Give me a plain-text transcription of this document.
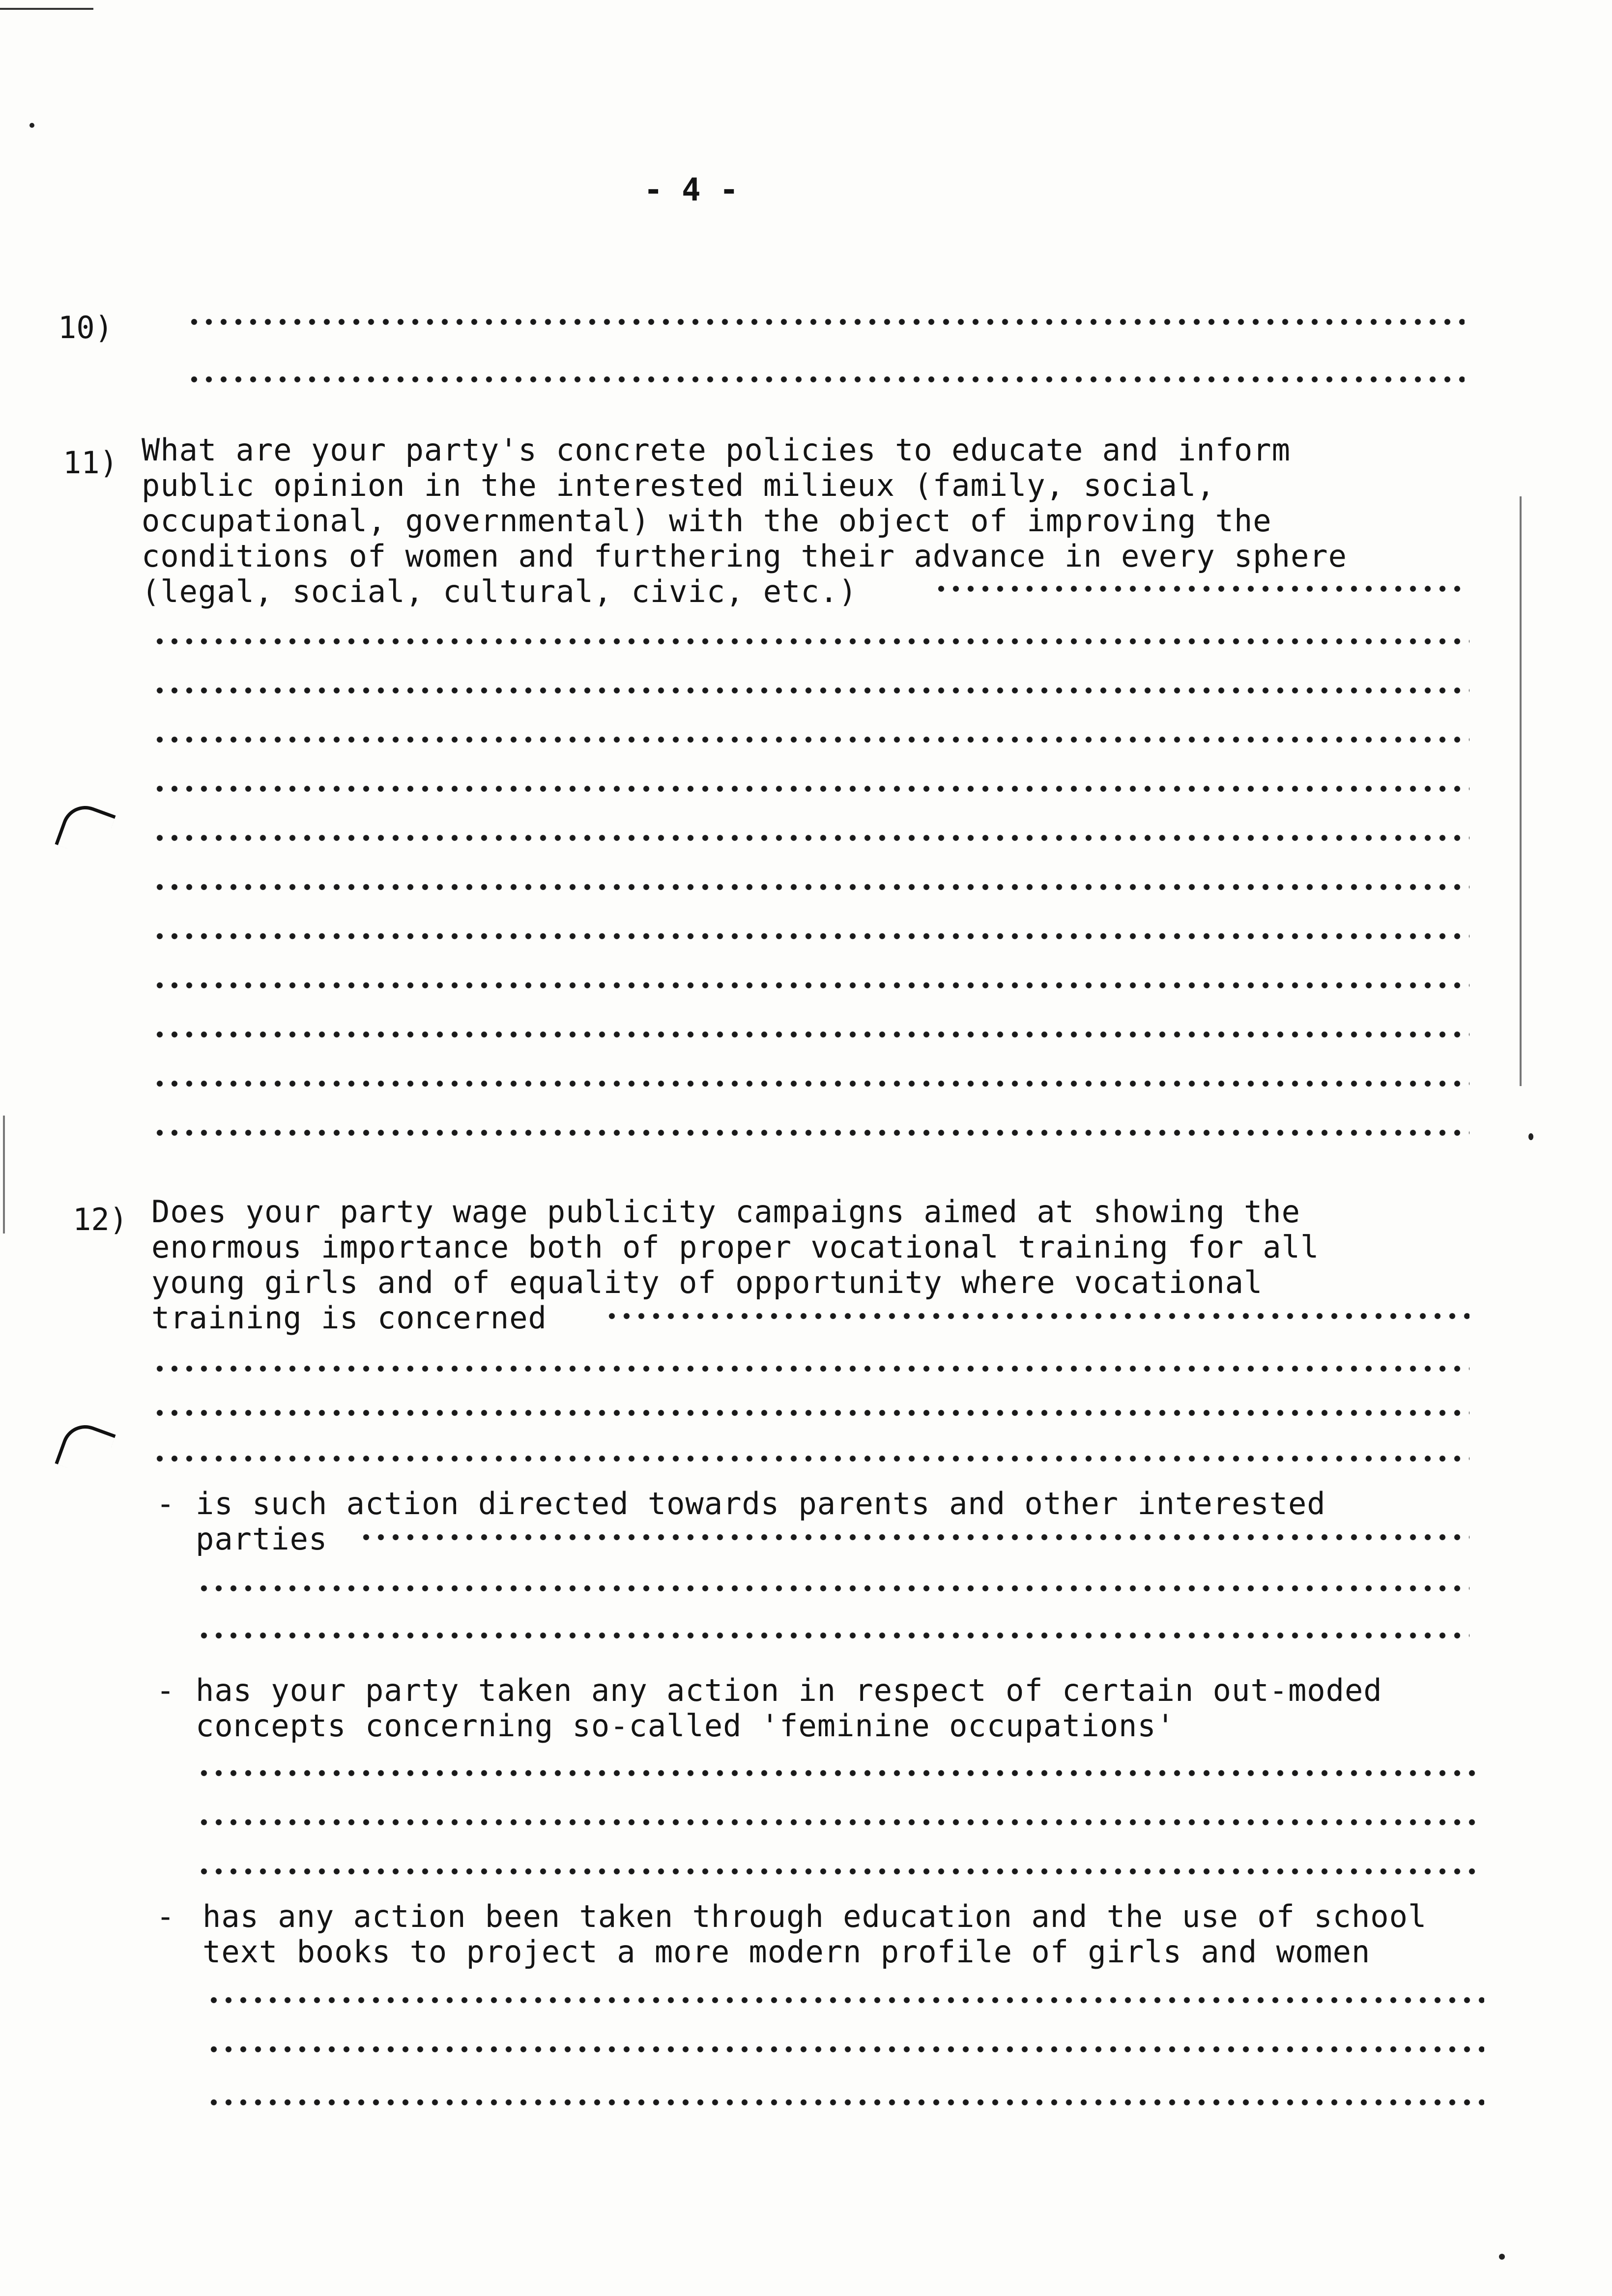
- 4 -
10)
11) What are your party's concrete policies to educate and inform
public opinion in the interested milieux (family, social,
occupational, governmental) with the object of improving the
conditions of women and furthering their advance in every sphere
(legal, social, cultural, civic, etc.)
12) Does your party wage publicity campaigns aimed at showing the
enormous importance both of proper vocational training for all
young girls and of equality of opportunity where vocational
training is concerned
- is such action directed towards parents and other interested
parties
- has your party taken any action in respect of certain out-moded
concepts concerning so-called 'feminine occupations'
- has any action been taken through education and the use of school
text books to project a more modern profile of girls and women
